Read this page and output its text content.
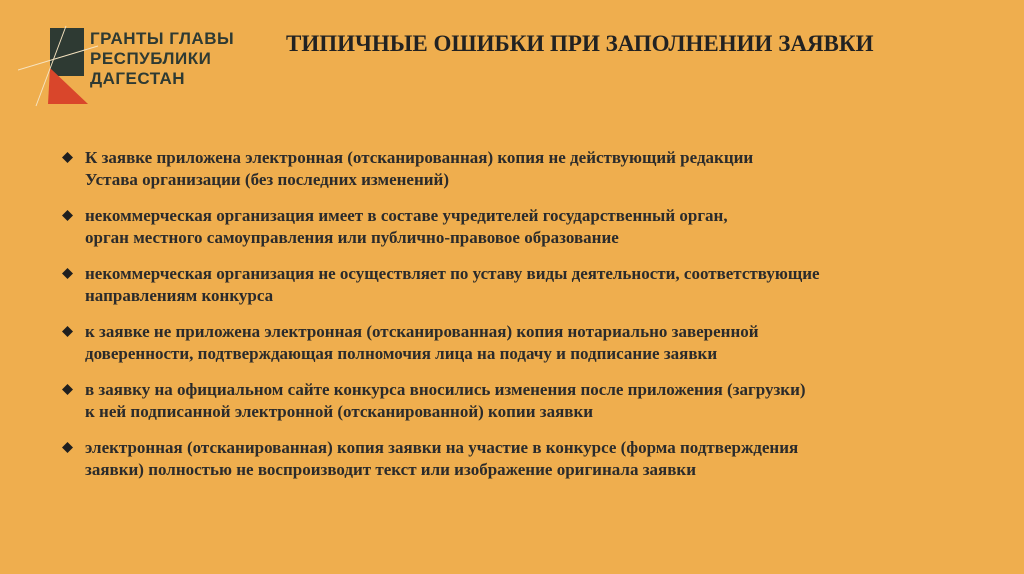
ГРАНТЫ ГЛАВЫ
РЕСПУБЛИКИ
ДАГЕСТАН
ТИПИЧНЫЕ ОШИБКИ ПРИ ЗАПОЛНЕНИИ ЗАЯВКИ
К заявке приложена электронная (отсканированная) копия не действующий редакции
Устава организации (без последних изменений)
некоммерческая организация имеет в составе учредителей государственный орган,
орган местного самоуправления или публично-правовое образование
некоммерческая организация не осуществляет по уставу виды деятельности, соответствующие
направлениям конкурса
к заявке не приложена электронная (отсканированная) копия нотариально заверенной
доверенности, подтверждающая полномочия лица на подачу и подписание заявки
в заявку на официальном сайте конкурса вносились изменения после приложения (загрузки)
к ней подписанной электронной (отсканированной) копии заявки
электронная (отсканированная) копия заявки на участие в конкурсе (форма подтверждения
заявки) полностью не воспроизводит текст или изображение оригинала заявки
